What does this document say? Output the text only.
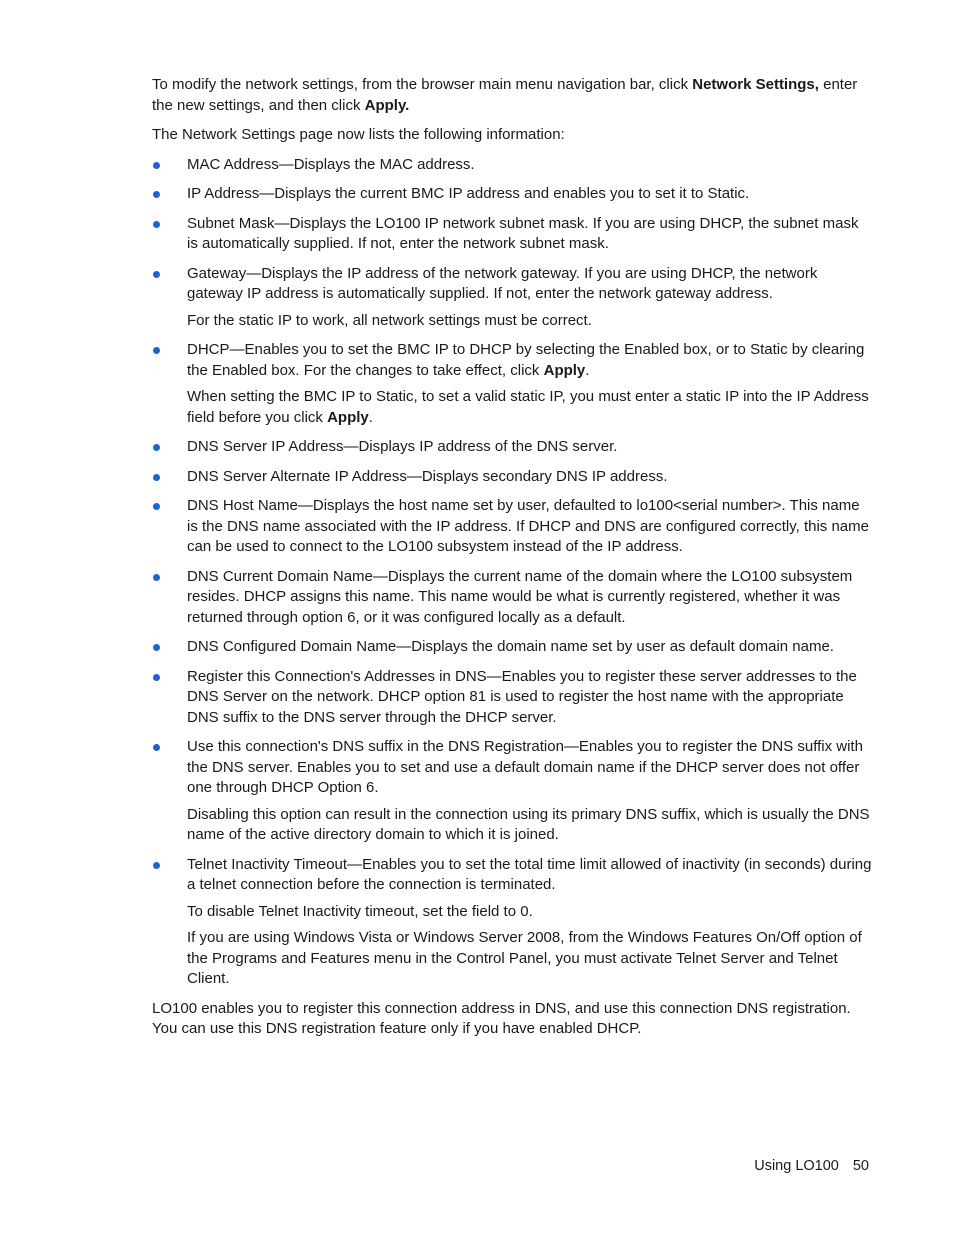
To modify the network settings, from the browser main menu navigation bar, click Network Settings, enter the new settings, and then click Apply.

The Network Settings page now lists the following information:

MAC Address—Displays the MAC address.
IP Address—Displays the current BMC IP address and enables you to set it to Static.
Subnet Mask—Displays the LO100 IP network subnet mask. If you are using DHCP, the subnet mask is automatically supplied. If not, enter the network subnet mask.
Gateway—Displays the IP address of the network gateway. If you are using DHCP, the network gateway IP address is automatically supplied. If not, enter the network gateway address.

For the static IP to work, all network settings must be correct.

DHCP—Enables you to set the BMC IP to DHCP by selecting the Enabled box, or to Static by clearing the Enabled box. For the changes to take effect, click Apply.

When setting the BMC IP to Static, to set a valid static IP, you must enter a static IP into the IP Address field before you click Apply.

DNS Server IP Address—Displays IP address of the DNS server.
DNS Server Alternate IP Address—Displays secondary DNS IP address.
DNS Host Name—Displays the host name set by user, defaulted to lo100<serial number>. This name is the DNS name associated with the IP address. If DHCP and DNS are configured correctly, this name can be used to connect to the LO100 subsystem instead of the IP address.
DNS Current Domain Name—Displays the current name of the domain where the LO100 subsystem resides. DHCP assigns this name. This name would be what is currently registered, whether it was returned through option 6, or it was configured locally as a default.
DNS Configured Domain Name—Displays the domain name set by user as default domain name.
Register this Connection's Addresses in DNS—Enables you to register these server addresses to the DNS Server on the network. DHCP option 81 is used to register the host name with the appropriate DNS suffix to the DNS server through the DHCP server.
Use this connection's DNS suffix in the DNS Registration—Enables you to register the DNS suffix with the DNS server. Enables you to set and use a default domain name if the DHCP server does not offer one through DHCP Option 6.

Disabling this option can result in the connection using its primary DNS suffix, which is usually the DNS name of the active directory domain to which it is joined.

Telnet Inactivity Timeout—Enables you to set the total time limit allowed of inactivity (in seconds) during a telnet connection before the connection is terminated.

To disable Telnet Inactivity timeout, set the field to 0.

If you are using Windows Vista or Windows Server 2008, from the Windows Features On/Off option of the Programs and Features menu in the Control Panel, you must activate Telnet Server and Telnet Client.

LO100 enables you to register this connection address in DNS, and use this connection DNS registration. You can use this DNS registration feature only if you have enabled DHCP.

Using LO100 50
